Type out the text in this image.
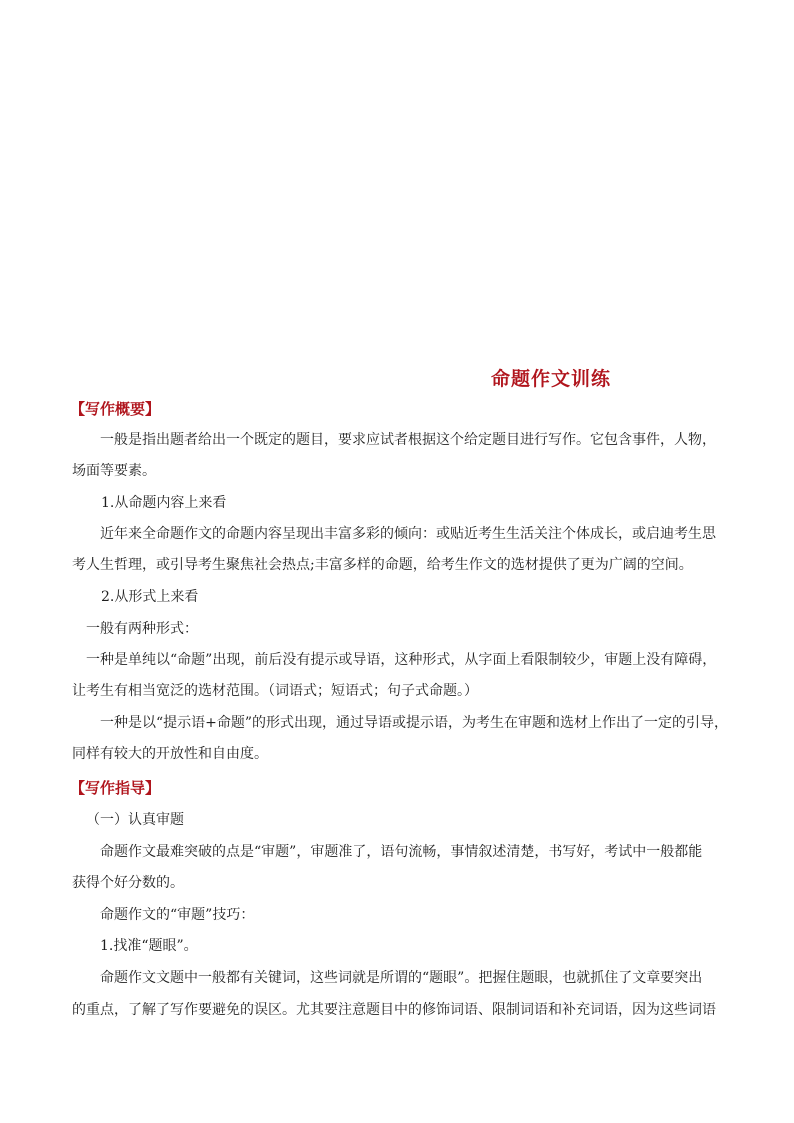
命题作文训练
【写作概要】
一般是指出题者给出一个既定的题目，要求应试者根据这个给定题目进行写作。它包含事件，人物，
场面等要素。
1.从命题内容上来看
近年来全命题作文的命题内容呈现出丰富多彩的倾向：或贴近考生生活关注个体成长，或启迪考生思
考人生哲理，或引导考生聚焦社会热点;丰富多样的命题，给考生作文的选材提供了更为广阔的空间。
2.从形式上来看
一般有两种形式：
一种是单纯以“命题”出现，前后没有提示或导语，这种形式，从字面上看限制较少，审题上没有障碍，
让考生有相当宽泛的选材范围。（词语式；短语式；句子式命题。）
一种是以“提示语+命题”的形式出现，通过导语或提示语，为考生在审题和选材上作出了一定的引导，
同样有较大的开放性和自由度。
【写作指导】
（一）认真审题
命题作文最难突破的点是“审题”，审题准了，语句流畅，事情叙述清楚，书写好，考试中一般都能
获得个好分数的。
命题作文的“审题”技巧：
1.找准“题眼”。
命题作文文题中一般都有关键词，这些词就是所谓的“题眼”。把握住题眼，也就抓住了文章要突出
的重点，了解了写作要避免的误区。尤其要注意题目中的修饰词语、限制词语和补充词语，因为这些词语
